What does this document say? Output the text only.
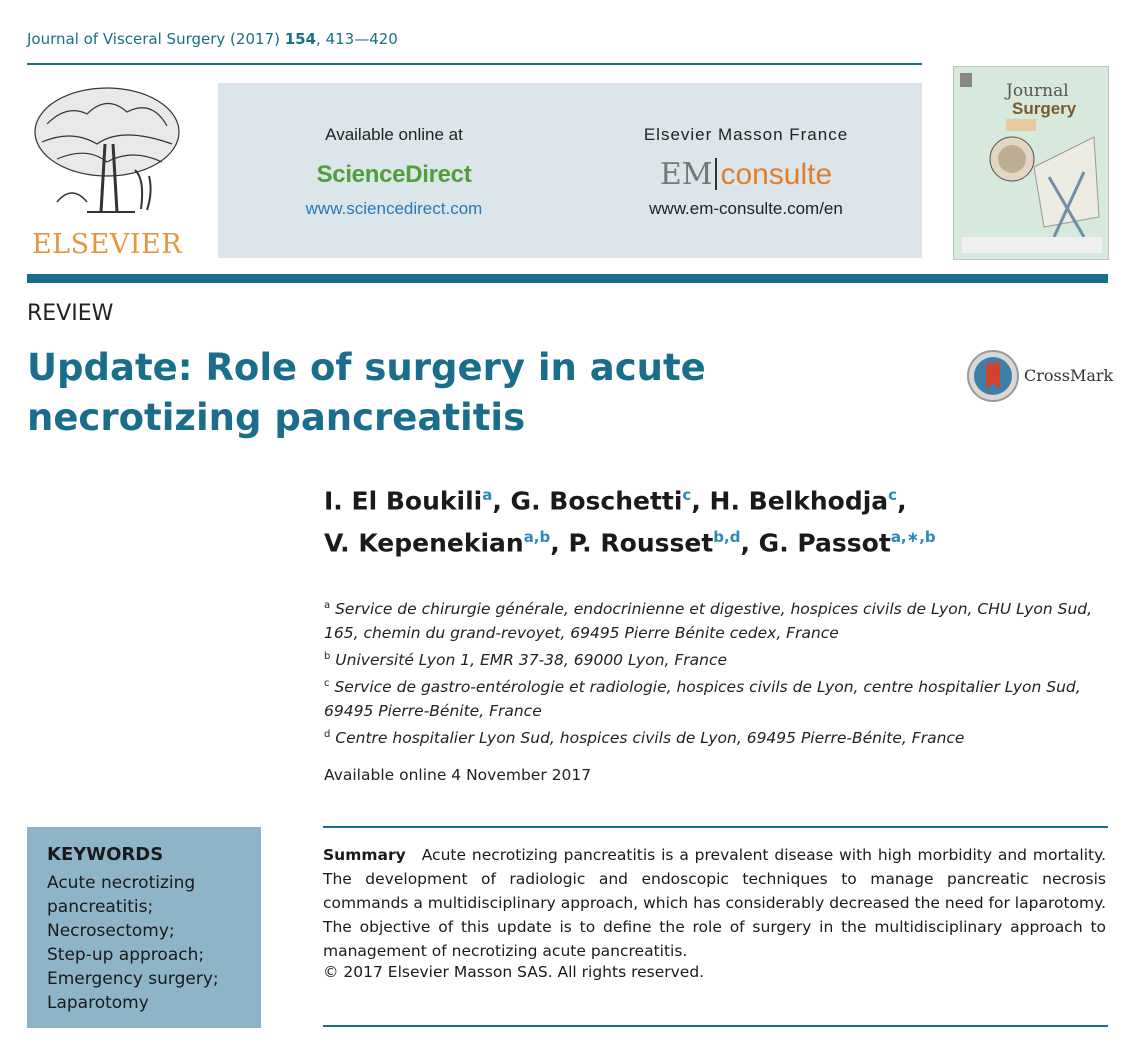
Journal of Visceral Surgery (2017) 154, 413—420
ELSEVIER
Available online at
ScienceDirect
www.sciencedirect.com
Elsevier Masson France
EM consulte
www.em-consulte.com/en
Journal
Surgery
REVIEW
Update: Role of surgery in acute necrotizing pancreatitis
CrossMark

I. El Boukili$^a$, G. Boschetti$^c$, H. Belkhodja$^c$,
V. Kepenekian$^{a,b}$, P. Rousset$^{b,d}$, G. Passot$^{a,∗,b}$

$^a$ Service de chirurgie générale, endocrinienne et digestive, hospices civils de Lyon, CHU Lyon Sud, 165, chemin du grand-revoyet, 69495 Pierre Bénite cedex, France

$^b$ Université Lyon 1, EMR 37-38, 69000 Lyon, France

$^c$ Service de gastro-entérologie et radiologie, hospices civils de Lyon, centre hospitalier Lyon Sud, 69495 Pierre-Bénite, France

$^d$ Centre hospitalier Lyon Sud, hospices civils de Lyon, 69495 Pierre-Bénite, France

Available online 4 November 2017
KEYWORDS
Acute necrotizing pancreatitis;
Necrosectomy;
Step-up approach;
Emergency surgery;
Laparotomy

Summary Acute necrotizing pancreatitis is a prevalent disease with high morbidity and mortality. The development of radiologic and endoscopic techniques to manage pancreatic necrosis commands a multidisciplinary approach, which has considerably decreased the need for laparotomy. The objective of this update is to define the role of surgery in the multidisciplinary approach to management of necrotizing acute pancreatitis.

© 2017 Elsevier Masson SAS. All rights reserved.
